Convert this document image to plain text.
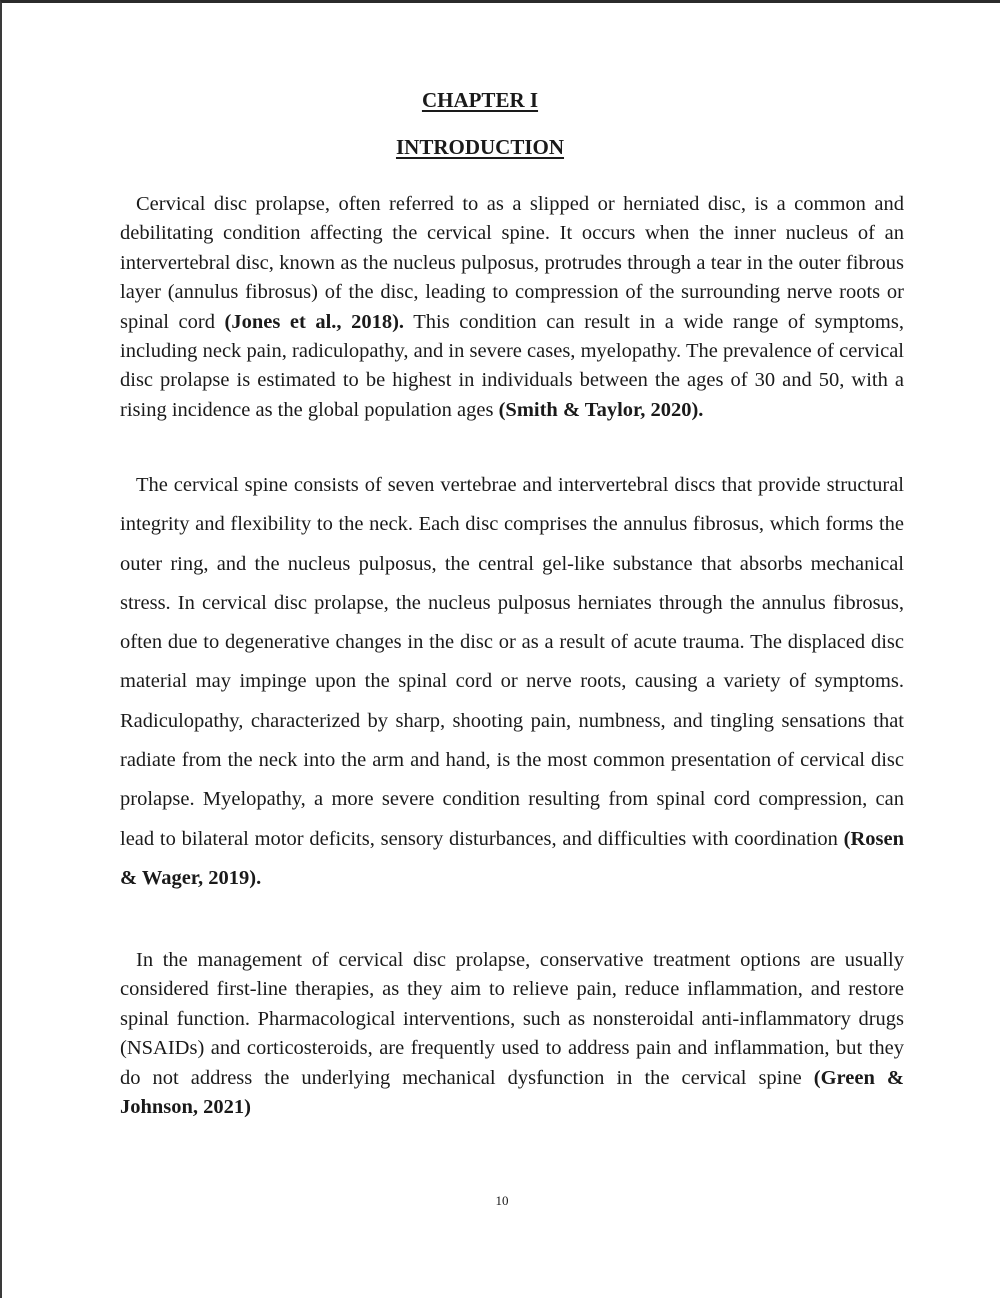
CHAPTER I
INTRODUCTION

Cervical disc prolapse, often referred to as a slipped or herniated disc, is a common and debilitating condition affecting the cervical spine. It occurs when the inner nucleus of an intervertebral disc, known as the nucleus pulposus, protrudes through a tear in the outer fibrous layer (annulus fibrosus) of the disc, leading to compression of the surrounding nerve roots or spinal cord (Jones et al., 2018). This condition can result in a wide range of symptoms, including neck pain, radiculopathy, and in severe cases, myelopathy. The prevalence of cervical disc prolapse is estimated to be highest in individuals between the ages of 30 and 50, with a rising incidence as the global population ages (Smith & Taylor, 2020).

The cervical spine consists of seven vertebrae and intervertebral discs that provide structural integrity and flexibility to the neck. Each disc comprises the annulus fibrosus, which forms the outer ring, and the nucleus pulposus, the central gel-like substance that absorbs mechanical stress. In cervical disc prolapse, the nucleus pulposus herniates through the annulus fibrosus, often due to degenerative changes in the disc or as a result of acute trauma. The displaced disc material may impinge upon the spinal cord or nerve roots, causing a variety of symptoms. Radiculopathy, characterized by sharp, shooting pain, numbness, and tingling sensations that radiate from the neck into the arm and hand, is the most common presentation of cervical disc prolapse. Myelopathy, a more severe condition resulting from spinal cord compression, can lead to bilateral motor deficits, sensory disturbances, and difficulties with coordination (Rosen & Wager, 2019).

In the management of cervical disc prolapse, conservative treatment options are usually considered first-line therapies, as they aim to relieve pain, reduce inflammation, and restore spinal function. Pharmacological interventions, such as nonsteroidal anti-inflammatory drugs (NSAIDs) and corticosteroids, are frequently used to address pain and inflammation, but they do not address the underlying mechanical dysfunction in the cervical spine (Green & Johnson, 2021)

10
